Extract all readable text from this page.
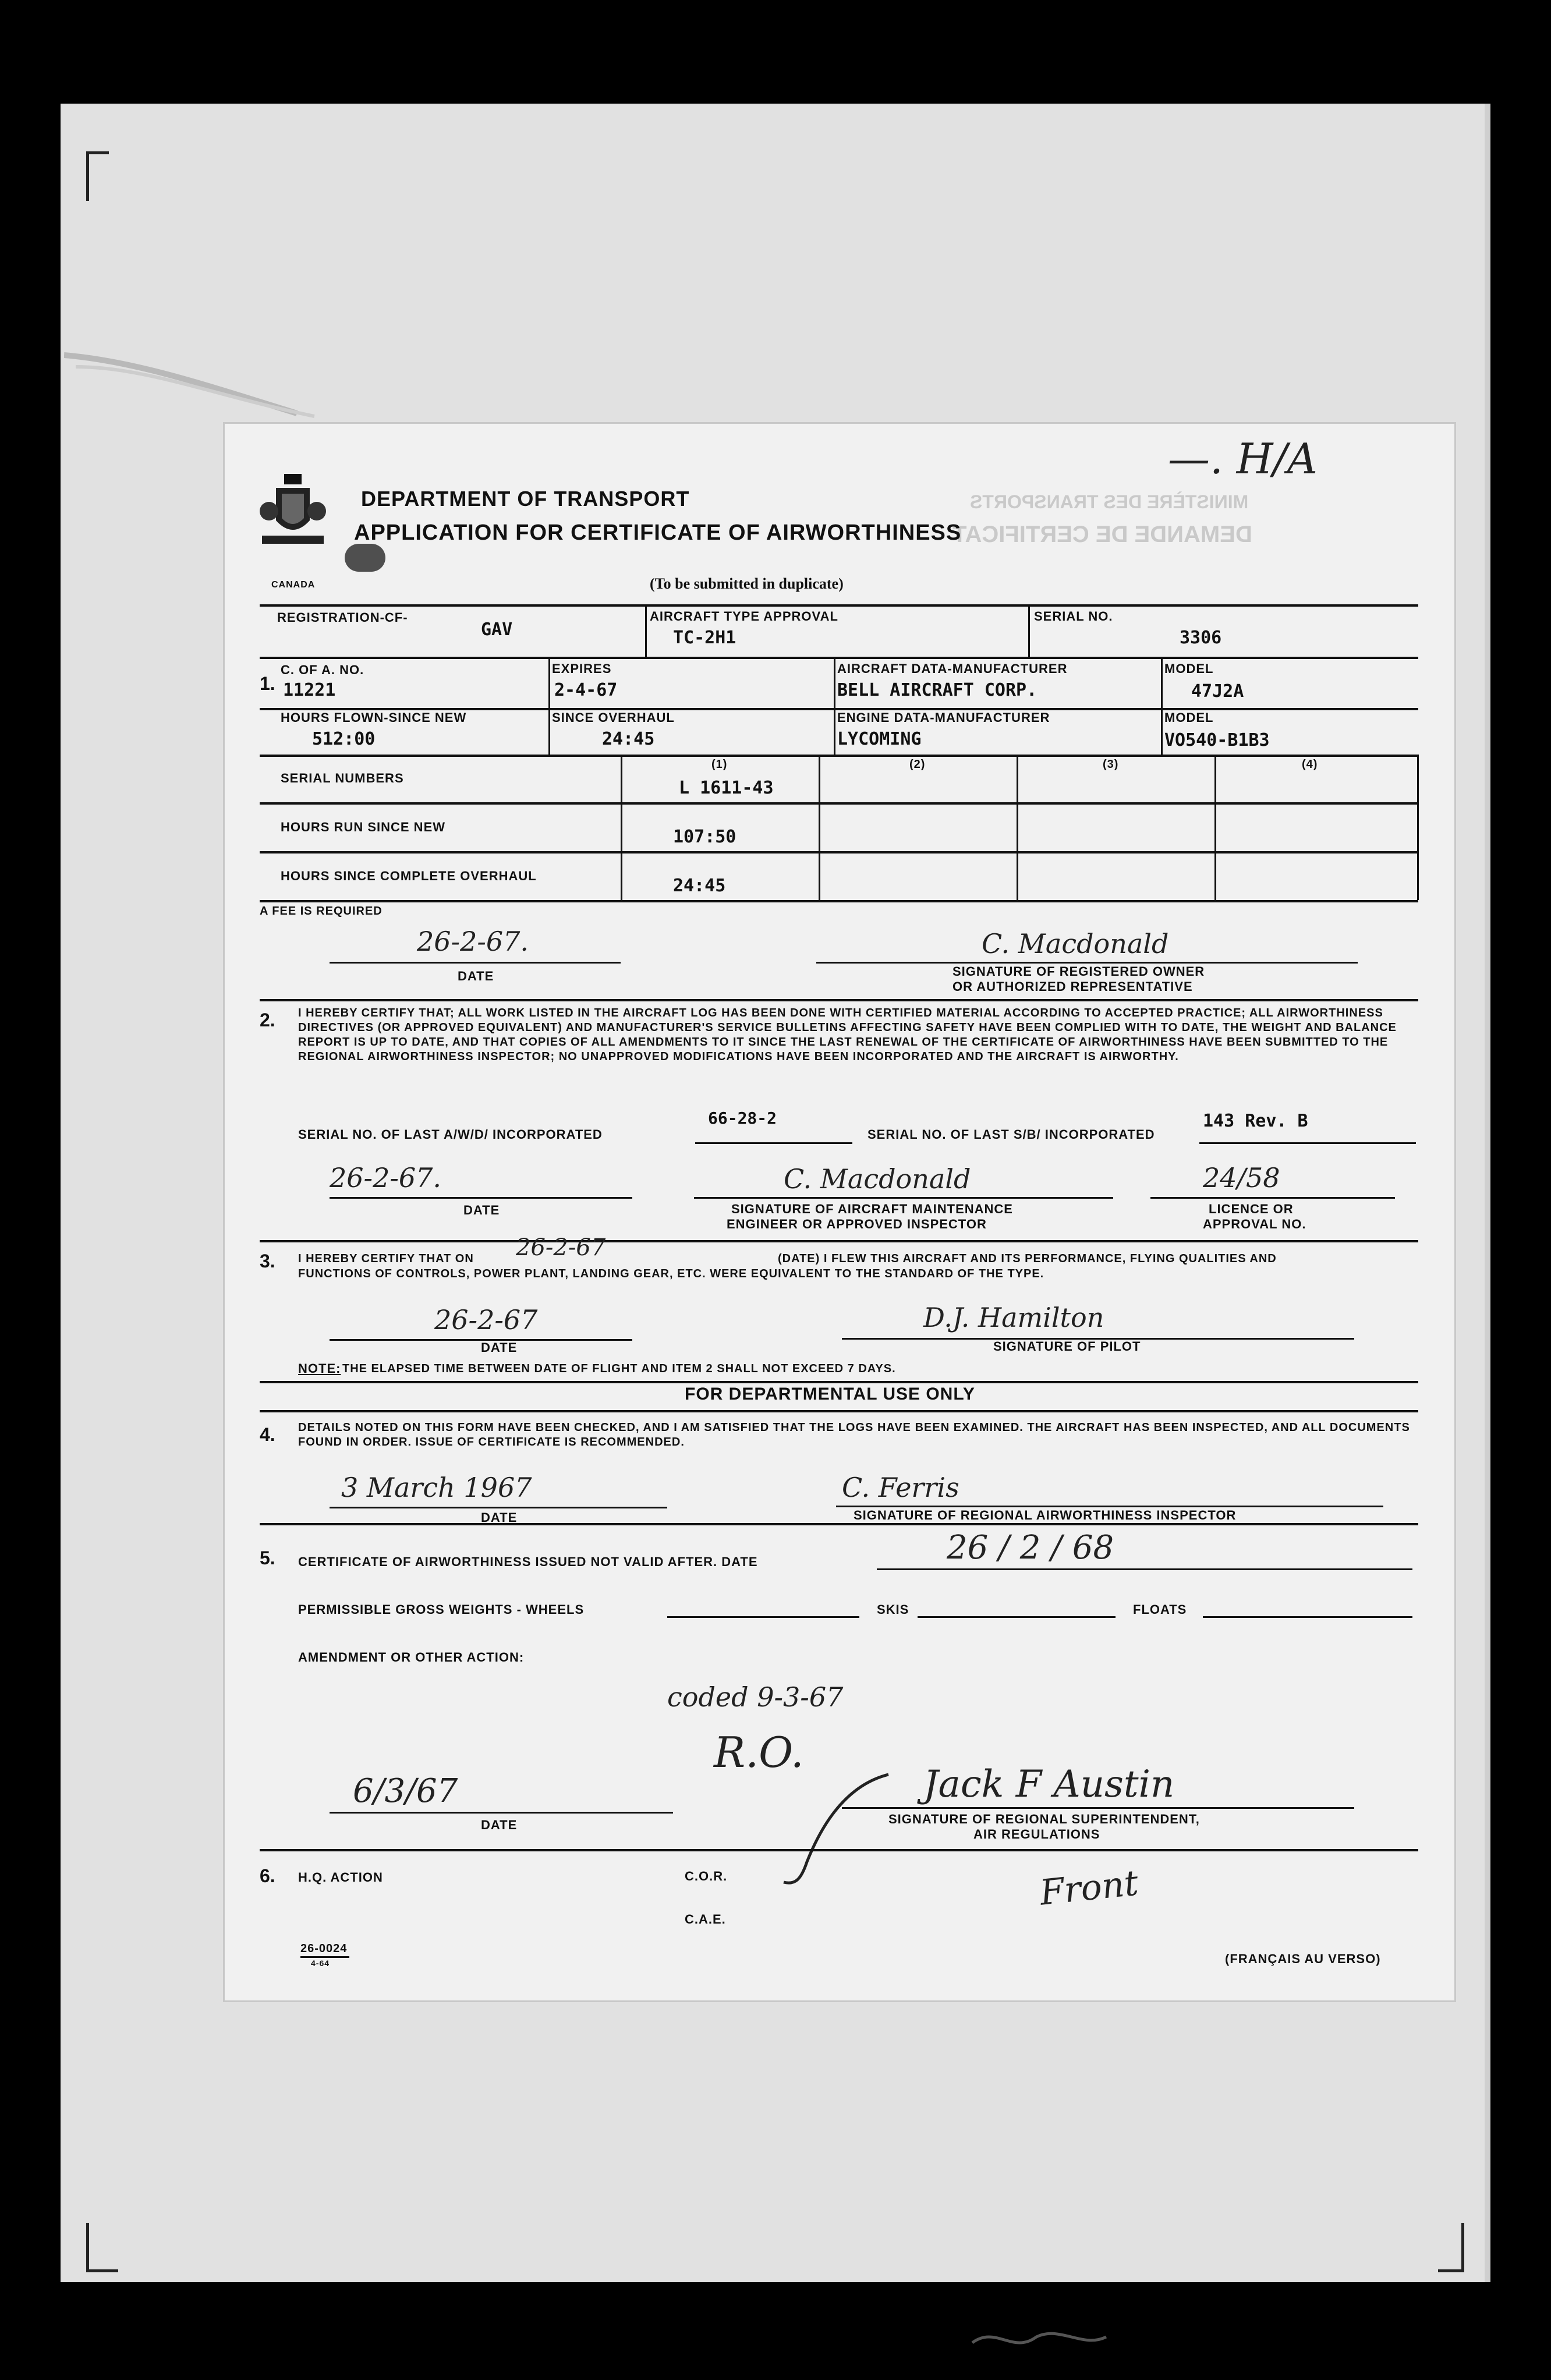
MINISTÈRE DES TRANSPORTS
DEMANDE DE CERTIFICAT
CANADA
DEPARTMENT OF TRANSPORT
APPLICATION FOR CERTIFICATE OF AIRWORTHINESS
—. H/A
(To be submitted in duplicate)
REGISTRATION-CF-
GAV
AIRCRAFT TYPE APPROVAL
TC-2H1
SERIAL NO.
3306
1.
C. OF A. NO.
11221
EXPIRES
2-4-67
AIRCRAFT DATA-MANUFACTURER
BELL AIRCRAFT CORP.
MODEL
47J2A
HOURS FLOWN-SINCE NEW
512:00
SINCE OVERHAUL
24:45
ENGINE DATA-MANUFACTURER
LYCOMING
MODEL
VO540-B1B3
(1)	(2)	(3)	(4)
SERIAL NUMBERS	L 1611-43
HOURS RUN SINCE NEW	107:50
HOURS SINCE COMPLETE OVERHAUL	24:45
A FEE IS REQUIRED
26-2-67.
DATE
C. Macdonald
SIGNATURE OF REGISTERED OWNER
OR AUTHORIZED REPRESENTATIVE
2. I HEREBY CERTIFY THAT; ALL WORK LISTED IN THE AIRCRAFT LOG HAS BEEN DONE WITH CERTIFIED MATERIAL ACCORDING TO ACCEPTED PRACTICE; ALL AIRWORTHINESS DIRECTIVES (OR APPROVED EQUIVALENT) AND MANUFACTURER'S SERVICE BULLETINS AFFECTING SAFETY HAVE BEEN COMPLIED WITH TO DATE, THE WEIGHT AND BALANCE REPORT IS UP TO DATE, AND THAT COPIES OF ALL AMENDMENTS TO IT SINCE THE LAST RENEWAL OF THE CERTIFICATE OF AIRWORTHINESS HAVE BEEN SUBMITTED TO THE REGIONAL AIRWORTHINESS INSPECTOR; NO UNAPPROVED MODIFICATIONS HAVE BEEN INCORPORATED AND THE AIRCRAFT IS AIRWORTHY.
SERIAL NO. OF LAST A/W/D/ INCORPORATED
66-28-2
SERIAL NO. OF LAST S/B/ INCORPORATED
143 Rev. B
26-2-67.
DATE
C. Macdonald
SIGNATURE OF AIRCRAFT MAINTENANCE
ENGINEER OR APPROVED INSPECTOR
24/58
LICENCE OR
APPROVAL NO.
3. I HEREBY CERTIFY THAT ON 26-2-67	(DATE) I FLEW THIS AIRCRAFT AND ITS PERFORMANCE, FLYING QUALITIES AND
FUNCTIONS OF CONTROLS, POWER PLANT, LANDING GEAR, ETC. WERE EQUIVALENT TO THE STANDARD OF THE TYPE.
26-2-67
DATE
D.J. Hamilton
SIGNATURE OF PILOT
NOTE: THE ELAPSED TIME BETWEEN DATE OF FLIGHT AND ITEM 2 SHALL NOT EXCEED 7 DAYS.
FOR DEPARTMENTAL USE ONLY
4. DETAILS NOTED ON THIS FORM HAVE BEEN CHECKED, AND I AM SATISFIED THAT THE LOGS HAVE BEEN EXAMINED. THE AIRCRAFT HAS BEEN INSPECTED, AND ALL DOCUMENTS FOUND IN ORDER. ISSUE OF CERTIFICATE IS RECOMMENDED.
3 March 1967
DATE
C. Ferris
SIGNATURE OF REGIONAL AIRWORTHINESS INSPECTOR
5. CERTIFICATE OF AIRWORTHINESS ISSUED NOT VALID AFTER. DATE	26 / 2 / 68
PERMISSIBLE GROSS WEIGHTS - WHEELS	SKIS	FLOATS
AMENDMENT OR OTHER ACTION:
coded 9-3-67
R.O.
6/3/67
DATE
Jack F Austin
SIGNATURE OF REGIONAL SUPERINTENDENT,
AIR REGULATIONS
6. H.Q. ACTION	C.O.R.
C.A.E.
Front
26-0024
4-64	(FRANÇAIS AU VERSO)
